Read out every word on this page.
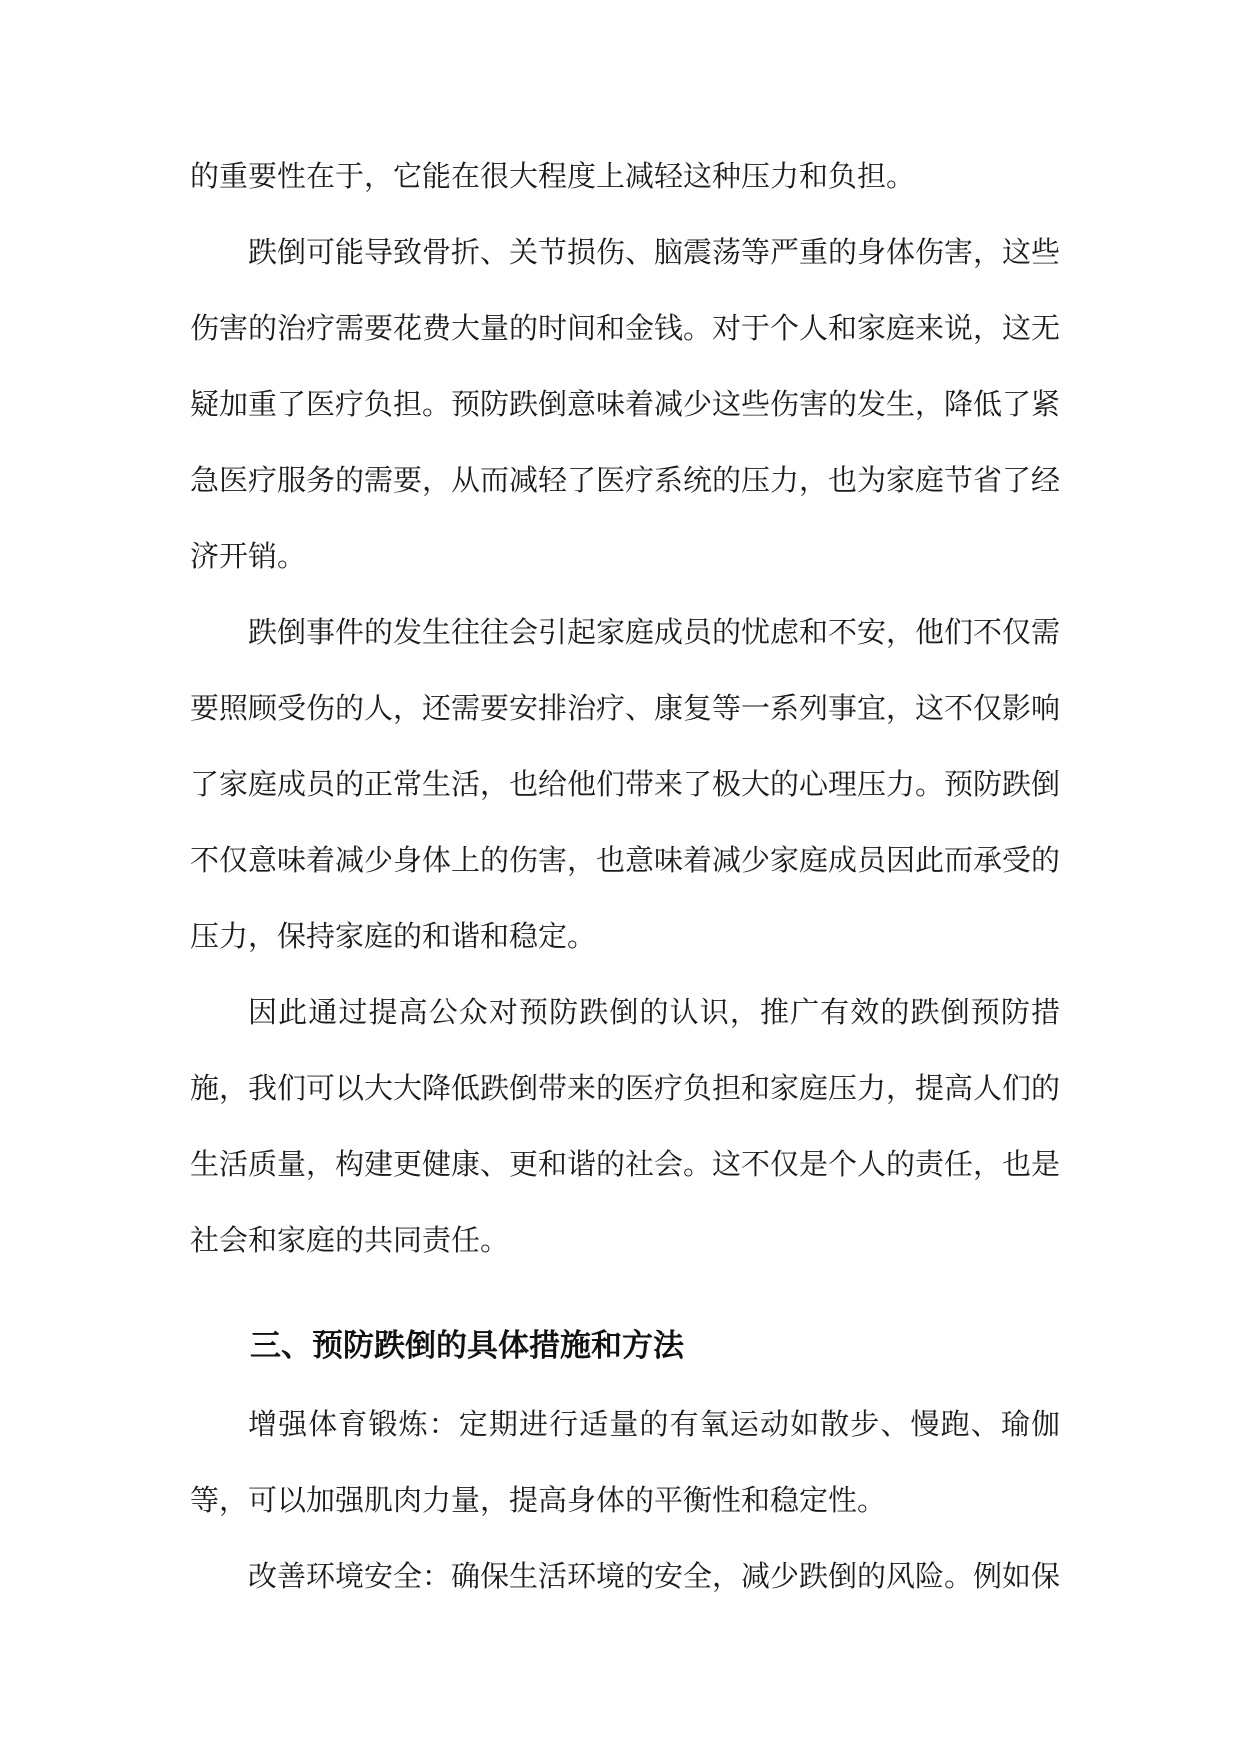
的重要性在于，它能在很大程度上减轻这种压力和负担。

跌倒可能导致骨折、关节损伤、脑震荡等严重的身体伤害，这些伤害的治疗需要花费大量的时间和金钱。对于个人和家庭来说，这无疑加重了医疗负担。预防跌倒意味着减少这些伤害的发生，降低了紧急医疗服务的需要，从而减轻了医疗系统的压力，也为家庭节省了经济开销。

跌倒事件的发生往往会引起家庭成员的忧虑和不安，他们不仅需要照顾受伤的人，还需要安排治疗、康复等一系列事宜，这不仅影响了家庭成员的正常生活，也给他们带来了极大的心理压力。预防跌倒不仅意味着减少身体上的伤害，也意味着减少家庭成员因此而承受的压力，保持家庭的和谐和稳定。

因此通过提高公众对预防跌倒的认识，推广有效的跌倒预防措施，我们可以大大降低跌倒带来的医疗负担和家庭压力，提高人们的生活质量，构建更健康、更和谐的社会。这不仅是个人的责任，也是社会和家庭的共同责任。

三、预防跌倒的具体措施和方法

增强体育锻炼：定期进行适量的有氧运动如散步、慢跑、瑜伽等，可以加强肌肉力量，提高身体的平衡性和稳定性。

改善环境安全：确保生活环境的安全，减少跌倒的风险。例如保
